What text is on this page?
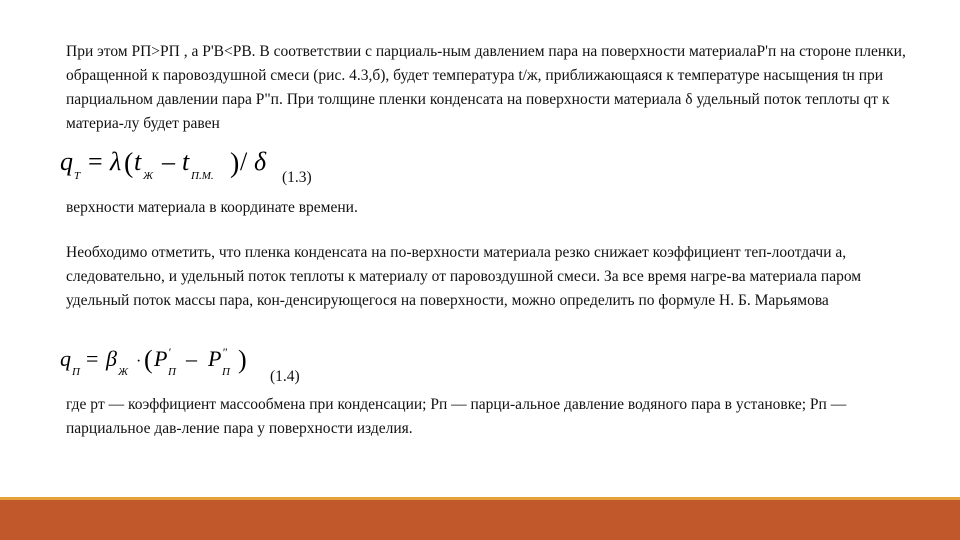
При этом PП>PП , а P'В<PВ. В соответствии с парциаль-ным давлением пара на поверхности материалаP'п на стороне пленки, обращенной к паровоздушной смеси (рис. 4.3,б), будет температура t/ж, приближающаяся к температуре насыщения tн при парциальном давлении пара P"п. При толщине пленки конденсата на поверхности материала δ удельный поток теплоты qт к материа-лу будет равен

q T = λ ( t Ж – t П.М. ) / δ
(1.3)

верхности материала в координате времени.

Необходимо отметить, что пленка конденсата на по-верхности материала резко снижает коэффициент теп-лоотдачи а, следовательно, и удельный поток теплоты к материалу от паровоздушной смеси. За все время нагре-ва материала паром удельный поток массы пара, кон-денсирующегося на поверхности, можно определить по формуле Н. Б. Марьямова

q
П
= β
Ж
· ( P '
П
– P "
П )
(1.4)

где pт — коэффициент массообмена при конденсации; Pп — парци-альное давление водяного пара в установке; Pп —парциальное дав-ление пара у поверхности изделия.
